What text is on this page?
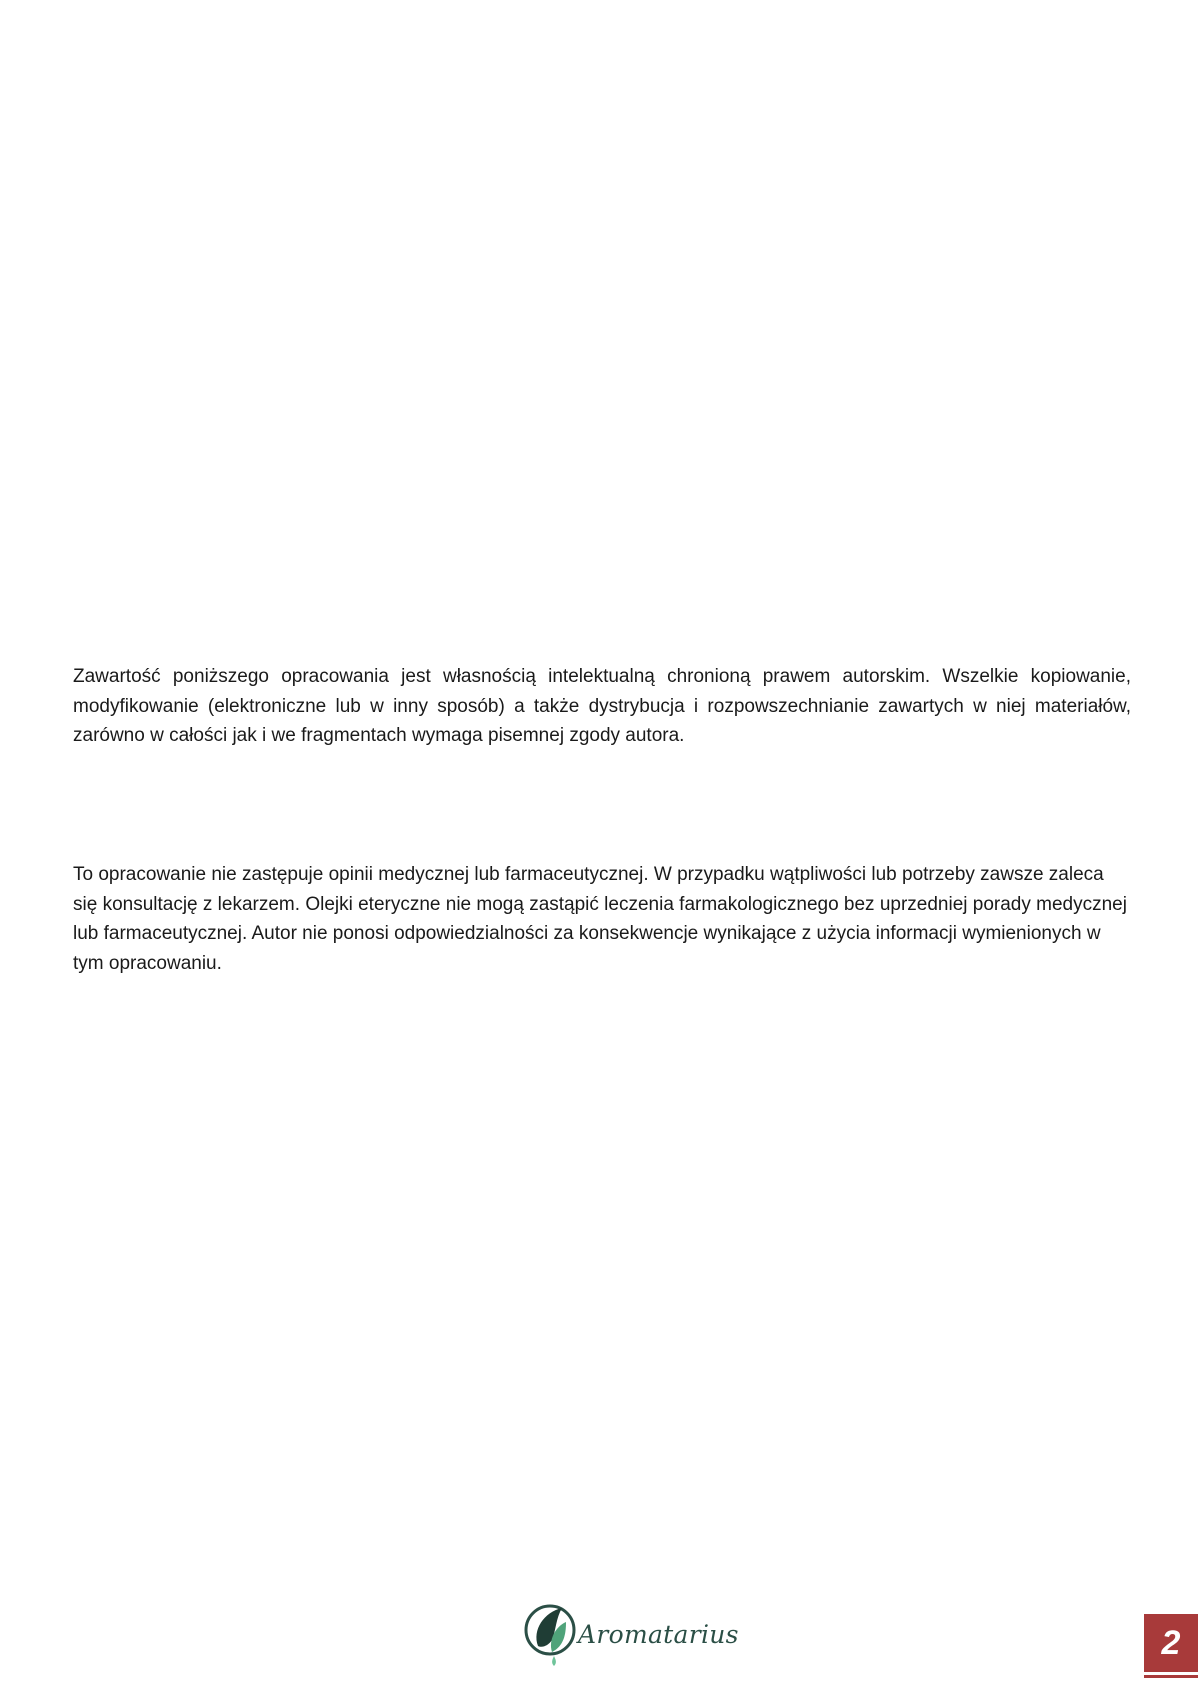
Zawartość poniższego opracowania jest własnością intelektualną chronioną prawem autorskim. Wszelkie kopiowanie, modyfikowanie (elektroniczne lub w inny sposób) a także dystrybucja i rozpowszechnianie zawartych w niej materiałów, zarówno w całości jak i we fragmentach wymaga pisemnej zgody autora.

To opracowanie nie zastępuje opinii medycznej lub farmaceutycznej. W przypadku wątpliwości lub potrzeby zawsze zaleca się konsultację z lekarzem. Olejki eteryczne nie mogą zastąpić leczenia farmakologicznego bez uprzedniej porady medycznej lub farmaceutycznej. Autor nie ponosi odpowiedzialności za konsekwencje wynikające z użycia informacji wymienionych w tym opracowaniu.

Aromatarius	2
